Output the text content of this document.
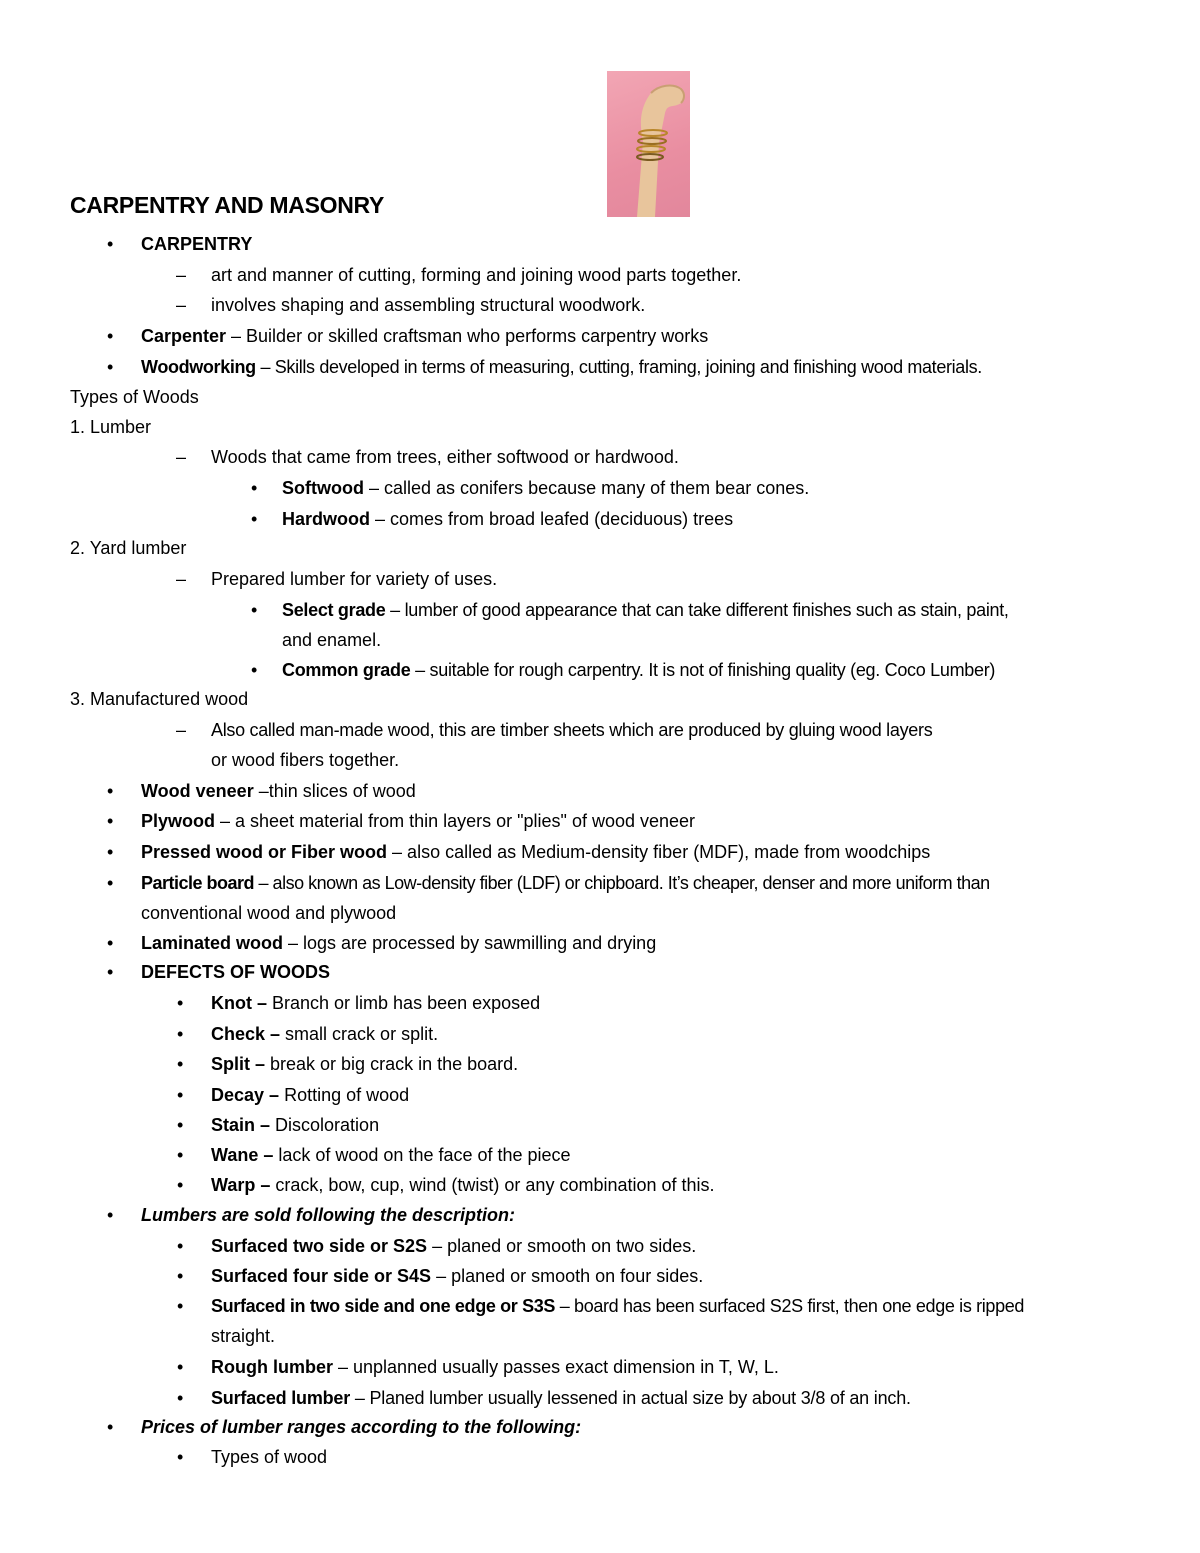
CARPENTRY AND MASONRY
• CARPENTRY
– art and manner of cutting, forming and joining wood parts together.
– involves shaping and assembling structural woodwork.
• Carpenter – Builder or skilled craftsman who performs carpentry works
• Woodworking – Skills developed in terms of measuring, cutting, framing, joining and finishing wood materials.
Types of Woods
1. Lumber
– Woods that came from trees, either softwood or hardwood.
• Softwood – called as conifers because many of them bear cones.
• Hardwood – comes from broad leafed (deciduous) trees
2. Yard lumber
– Prepared lumber for variety of uses.
• Select grade – lumber of good appearance that can take different finishes such as stain, paint,
and enamel.
• Common grade – suitable for rough carpentry. It is not of finishing quality (eg. Coco Lumber)
3. Manufactured wood
– Also called man-made wood, this are timber sheets which are produced by gluing wood layers
or wood fibers together.
• Wood veneer –thin slices of wood
• Plywood – a sheet material from thin layers or "plies" of wood veneer
• Pressed wood or Fiber wood – also called as Medium-density fiber (MDF), made from woodchips
• Particle board – also known as Low-density fiber (LDF) or chipboard. It’s cheaper, denser and more uniform than
conventional wood and plywood
• Laminated wood – logs are processed by sawmilling and drying
• DEFECTS OF WOODS
• Knot – Branch or limb has been exposed
• Check – small crack or split.
• Split – break or big crack in the board.
• Decay – Rotting of wood
• Stain – Discoloration
• Wane – lack of wood on the face of the piece
• Warp – crack, bow, cup, wind (twist) or any combination of this.
• Lumbers are sold following the description:
• Surfaced two side or S2S – planed or smooth on two sides.
• Surfaced four side or S4S – planed or smooth on four sides.
• Surfaced in two side and one edge or S3S – board has been surfaced S2S first, then one edge is ripped
straight.
• Rough lumber – unplanned usually passes exact dimension in T, W, L.
• Surfaced lumber – Planed lumber usually lessened in actual size by about 3/8 of an inch.
• Prices of lumber ranges according to the following:
• Types of wood
